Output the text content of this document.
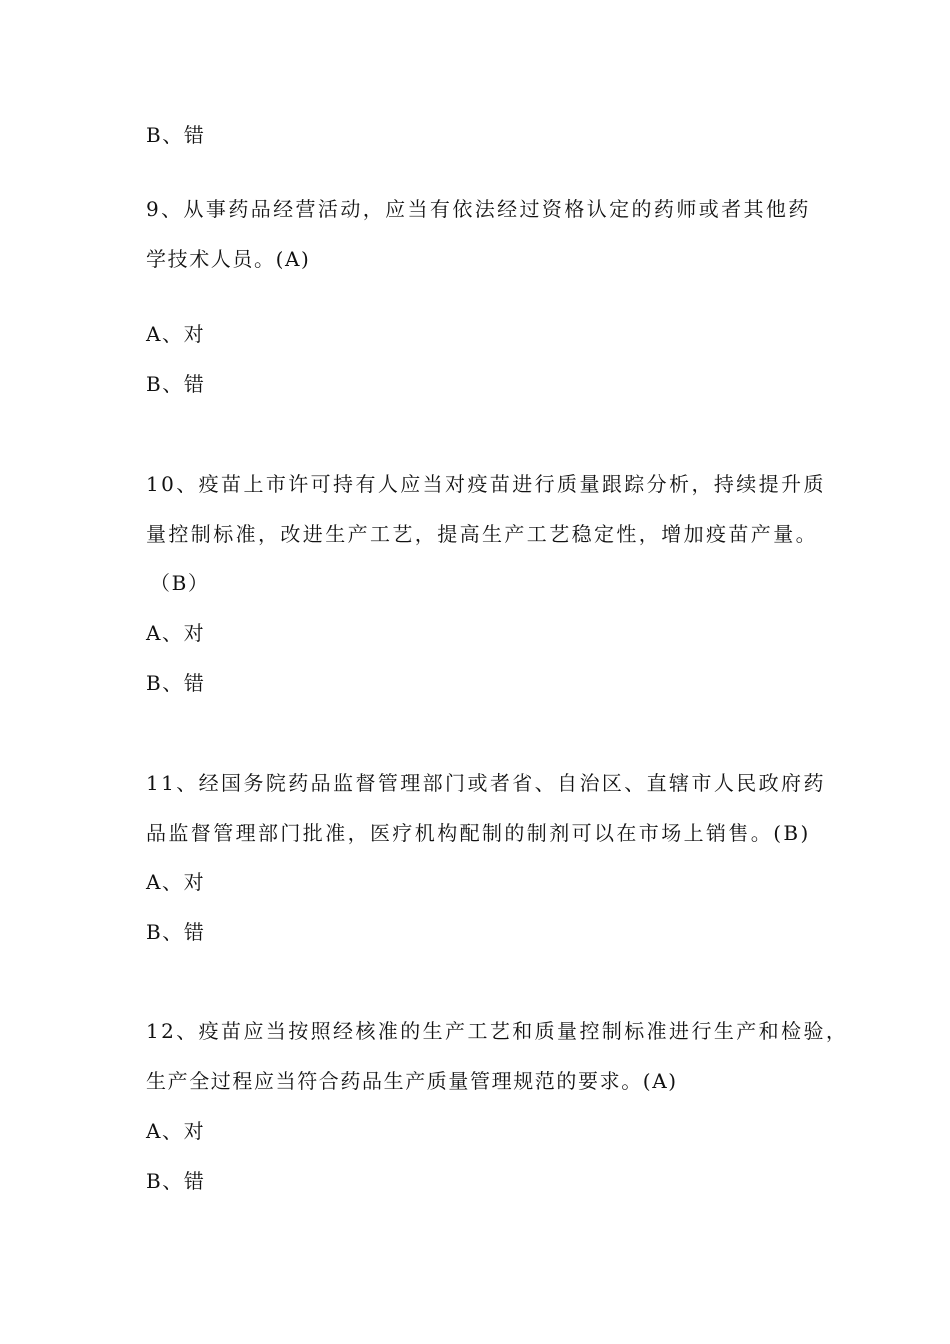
B、错
9、从事药品经营活动，应当有依法经过资格认定的药师或者其他药
学技术人员。(A)
A、对
B、错
10、疫苗上市许可持有人应当对疫苗进行质量跟踪分析，持续提升质
量控制标准，改进生产工艺，提高生产工艺稳定性，增加疫苗产量。
（B）
A、对
B、错
11、经国务院药品监督管理部门或者省、自治区、直辖市人民政府药
品监督管理部门批准，医疗机构配制的制剂可以在市场上销售。(B)
A、对
B、错
12、疫苗应当按照经核准的生产工艺和质量控制标准进行生产和检验，
生产全过程应当符合药品生产质量管理规范的要求。(A)
A、对
B、错
